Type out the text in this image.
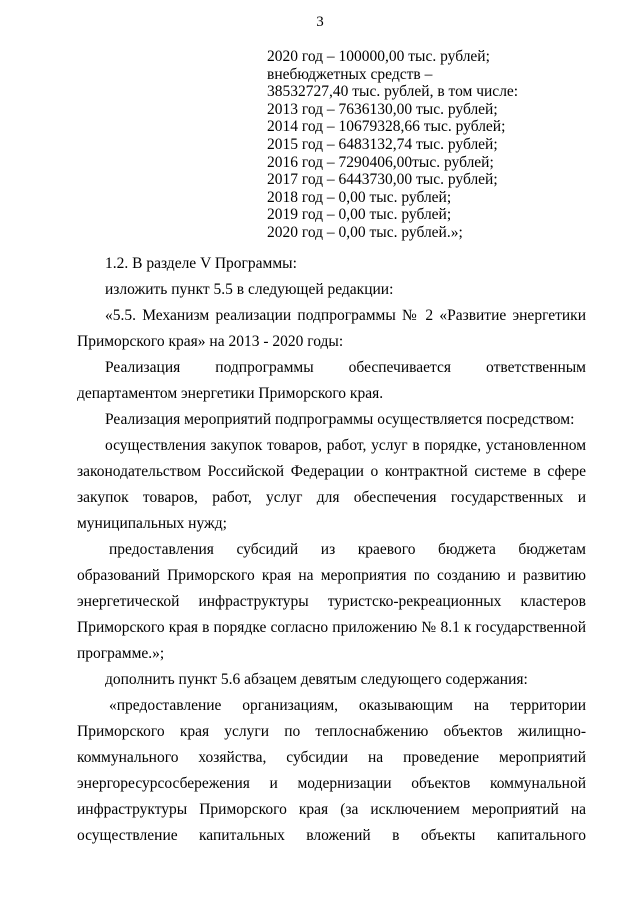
3
2020 год – 100000,00 тыс. рублей;
внебюджетных средств –
38532727,40 тыс. рублей, в том числе:
2013 год – 7636130,00 тыс. рублей;
2014 год – 10679328,66 тыс. рублей;
2015 год – 6483132,74 тыс. рублей;
2016 год – 7290406,00тыс. рублей;
2017 год – 6443730,00 тыс. рублей;
2018 год – 0,00 тыс. рублей;
2019 год – 0,00 тыс. рублей;
2020 год – 0,00 тыс. рублей.»;
1.2. В разделе V Программы:
изложить пункт 5.5 в следующей редакции:
«5.5. Механизм реализации подпрограммы № 2 «Развитие энергетики
Приморского края» на 2013 - 2020 годы:
Реализация подпрограммы обеспечивается ответственным
департаментом энергетики Приморского края.
Реализация мероприятий подпрограммы осуществляется посредством:
осуществления закупок товаров, работ, услуг в порядке, установленном
законодательством Российской Федерации о контрактной системе в сфере
закупок товаров, работ, услуг для обеспечения государственных и
муниципальных нужд;
предоставления субсидий из краевого бюджета бюджетам
образований Приморского края на мероприятия по созданию и развитию
энергетической инфраструктуры туристско-рекреационных кластеров
Приморского края в порядке согласно приложению № 8.1 к государственной
программе.»;
дополнить пункт 5.6 абзацем девятым следующего содержания:
«предоставление организациям, оказывающим на территории
Приморского края услуги по теплоснабжению объектов жилищно-
коммунального хозяйства, субсидии на проведение мероприятий
энергоресурсосбережения и модернизации объектов коммунальной
инфраструктуры Приморского края (за исключением мероприятий на
осуществление капитальных вложений в объекты капитального
